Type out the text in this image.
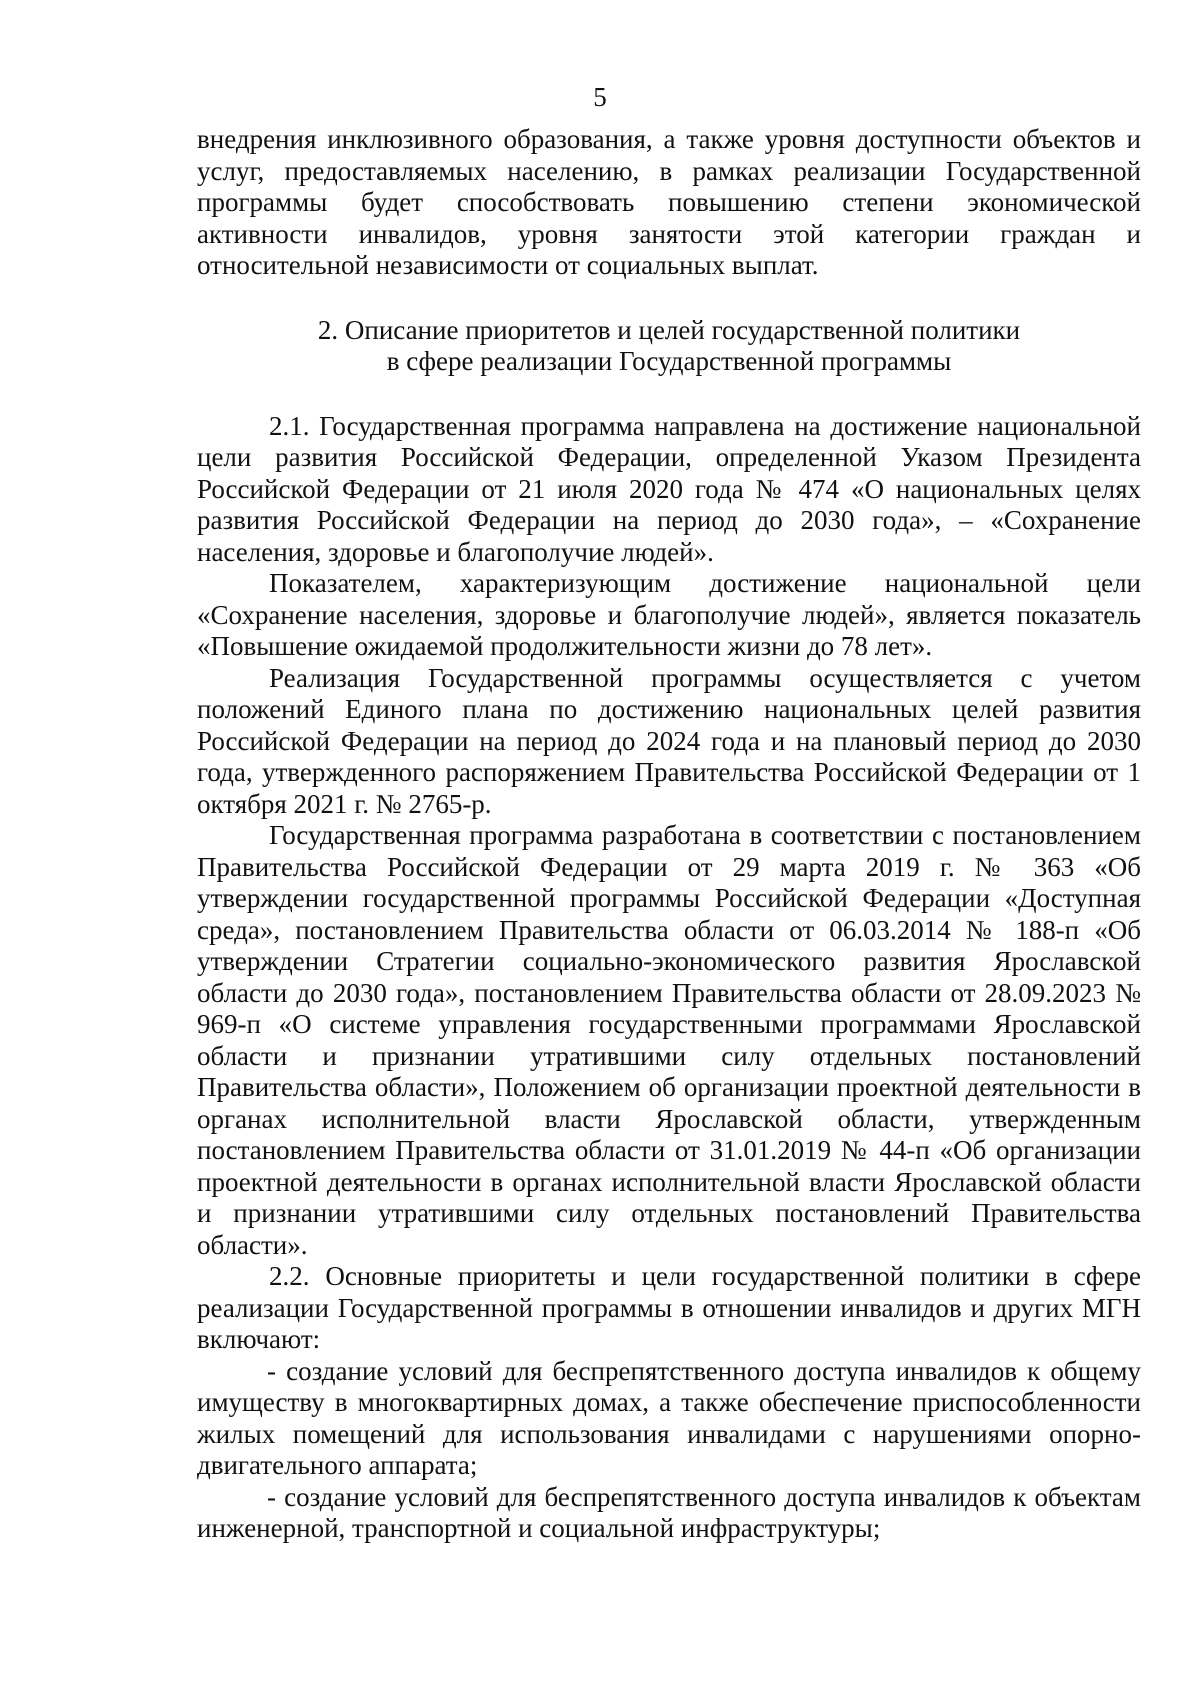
5

внедрения инклюзивного образования, а также уровня доступности объектов и услуг, предоставляемых населению, в рамках реализации Государственной программы будет способствовать повышению степени экономической активности инвалидов, уровня занятости этой категории граждан и относительной независимости от социальных выплат.

2. Описание приоритетов и целей государственной политики
в сфере реализации Государственной программы

2.1. Государственная программа направлена на достижение национальной цели развития Российской Федерации, определенной Указом Президента Российской Федерации от 21 июля 2020 года № 474 «О национальных целях развития Российской Федерации на период до 2030 года», – «Сохранение населения, здоровье и благополучие людей».

Показателем, характеризующим достижение национальной цели «Сохранение населения, здоровье и благополучие людей», является показатель «Повышение ожидаемой продолжительности жизни до 78 лет».

Реализация Государственной программы осуществляется с учетом положений Единого плана по достижению национальных целей развития Российской Федерации на период до 2024 года и на плановый период до 2030 года, утвержденного распоряжением Правительства Российской Федерации от 1 октября 2021 г. № 2765-р.

Государственная программа разработана в соответствии с постановлением Правительства Российской Федерации от 29 марта 2019 г. № 363 «Об утверждении государственной программы Российской Федерации «Доступная среда», постановлением Правительства области от 06.03.2014 № 188-п «Об утверждении Стратегии социально-экономического развития Ярославской области до 2030 года», постановлением Правительства области от 28.09.2023 № 969-п «О системе управления государственными программами Ярославской области и признании утратившими силу отдельных постановлений Правительства области», Положением об организации проектной деятельности в органах исполнительной власти Ярославской области, утвержденным постановлением Правительства области от 31.01.2019 № 44-п «Об организации проектной деятельности в органах исполнительной власти Ярославской области и признании утратившими силу отдельных постановлений Правительства области».

2.2. Основные приоритеты и цели государственной политики в сфере реализации Государственной программы в отношении инвалидов и других МГН включают:

- создание условий для беспрепятственного доступа инвалидов к общему имуществу в многоквартирных домах, а также обеспечение приспособленности жилых помещений для использования инвалидами с нарушениями опорно-двигательного аппарата;

- создание условий для беспрепятственного доступа инвалидов к объектам инженерной, транспортной и социальной инфраструктуры;
